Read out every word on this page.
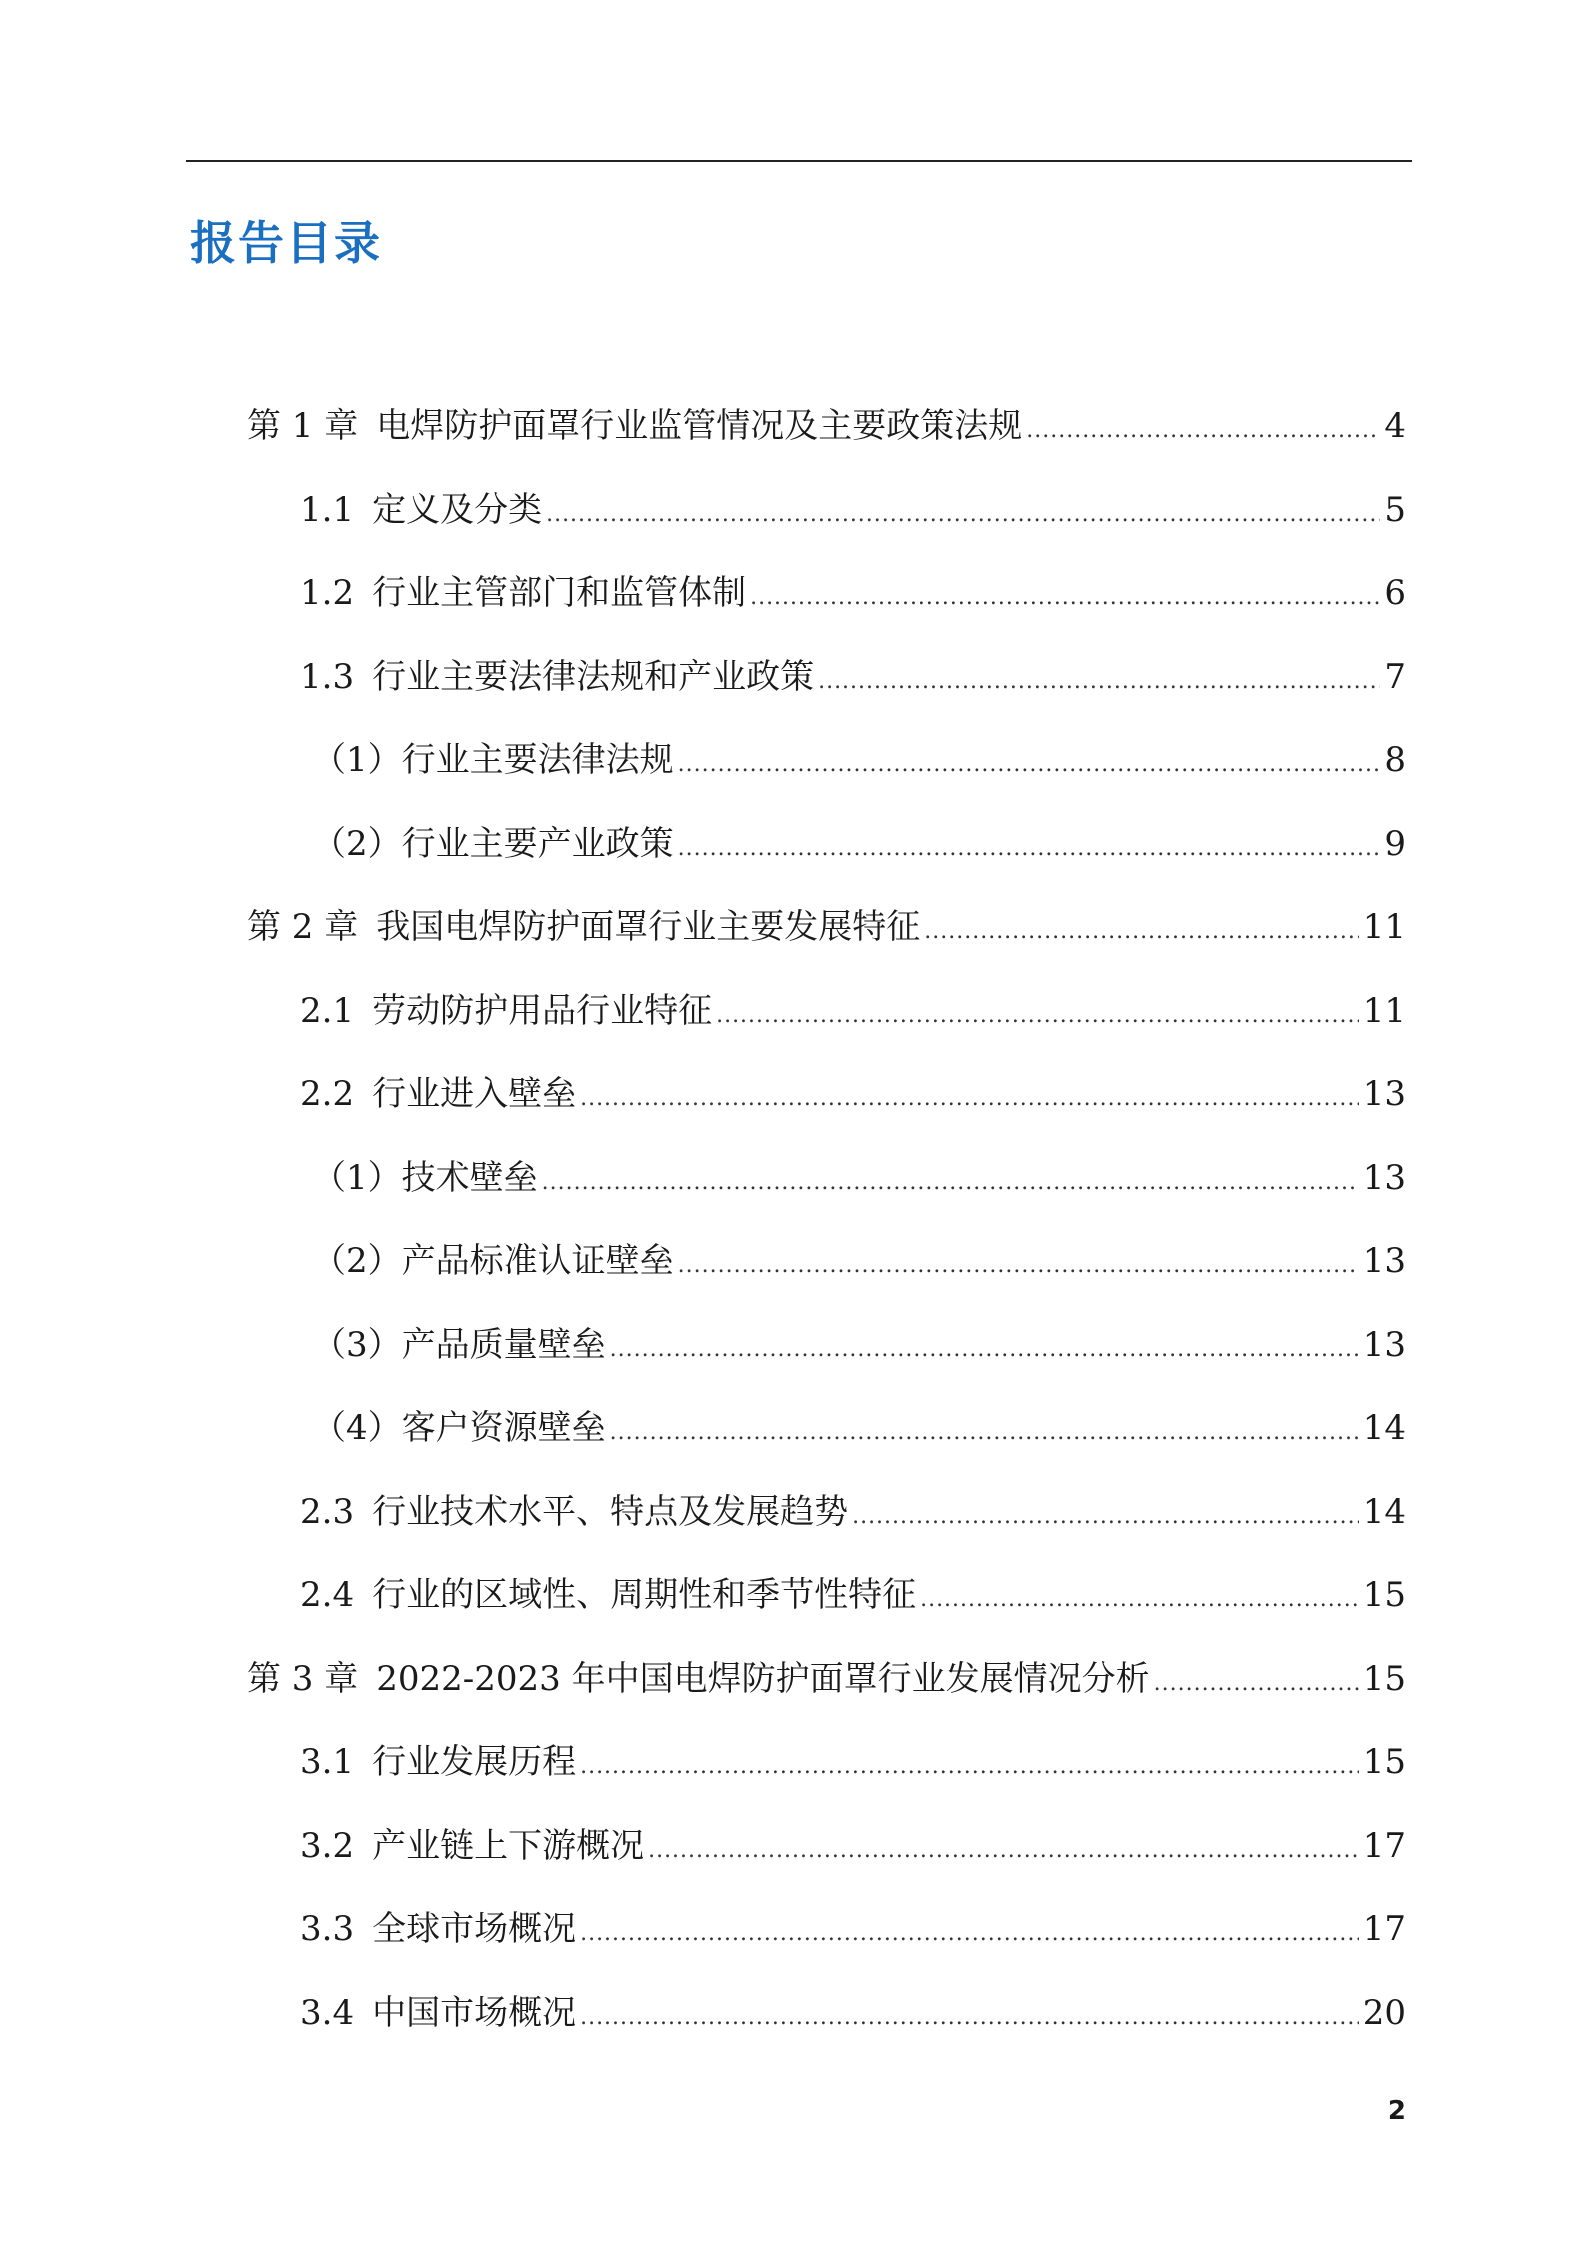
报告目录
第 1 章 电焊防护面罩行业监管情况及主要政策法规 .....	4
1.1 定义及分类 .....	5
1.2 行业主管部门和监管体制 .....	6
1.3 行业主要法律法规和产业政策 .....	7
（1） 行业主要法律法规 .....	8
（2） 行业主要产业政策 .....	9
第 2 章 我国电焊防护面罩行业主要发展特征 .....	11
2.1 劳动防护用品行业特征 .....	11
2.2 行业进入壁垒 .....	13
（1） 技术壁垒 .....	13
（2） 产品标准认证壁垒 .....	13
（3） 产品质量壁垒 .....	13
（4） 客户资源壁垒 .....	14
2.3 行业技术水平、特点及发展趋势 .....	14
2.4 行业的区域性、周期性和季节性特征 .....	15
第 3 章 2022-2023 年中国电焊防护面罩行业发展情况分析 .....	15
3.1 行业发展历程 .....	15
3.2 产业链上下游概况 .....	17
3.3 全球市场概况 .....	17
3.4 中国市场概况 .....	20
2
